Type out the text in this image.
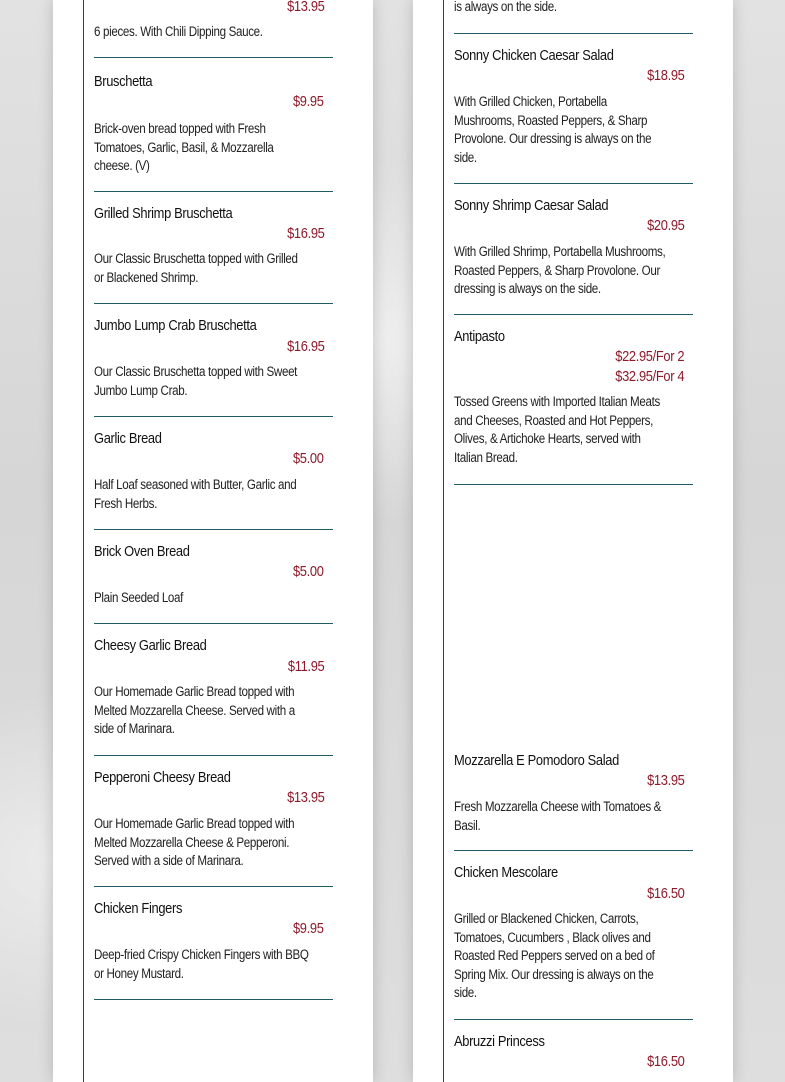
$13.95
6 pieces. With Chili Dipping Sauce.
Bruschetta
$9.95
Brick-oven bread topped with Fresh Tomatoes, Garlic, Basil, & Mozzarella cheese. (V)
Grilled Shrimp Bruschetta
$16.95
Our Classic Bruschetta topped with Grilled or Blackened Shrimp.
Jumbo Lump Crab Bruschetta
$16.95
Our Classic Bruschetta topped with Sweet Jumbo Lump Crab.
Garlic Bread
$5.00
Half Loaf seasoned with Butter, Garlic and Fresh Herbs.
Brick Oven Bread
$5.00
Plain Seeded Loaf
Cheesy Garlic Bread
$11.95
Our Homemade Garlic Bread topped with Melted Mozzarella Cheese. Served with a side of Marinara.
Pepperoni Cheesy Bread
$13.95
Our Homemade Garlic Bread topped with Melted Mozzarella Cheese & Pepperoni. Served with a side of Marinara.
Chicken Fingers
$9.95
Deep-fried Crispy Chicken Fingers with BBQ or Honey Mustard.
is always on the side.
Sonny Chicken Caesar Salad
$18.95
With Grilled Chicken, Portabella Mushrooms, Roasted Peppers, & Sharp Provolone. Our dressing is always on the side.
Sonny Shrimp Caesar Salad
$20.95
With Grilled Shrimp, Portabella Mushrooms, Roasted Peppers, & Sharp Provolone. Our dressing is always on the side.
Antipasto
$22.95/For 2
$32.95/For 4
Tossed Greens with Imported Italian Meats and Cheeses, Roasted and Hot Peppers, Olives, & Artichoke Hearts, served with Italian Bread.
Mozzarella E Pomodoro Salad
$13.95
Fresh Mozzarella Cheese with Tomatoes & Basil.
Chicken Mescolare
$16.50
Grilled or Blackened Chicken, Carrots, Tomatoes, Cucumbers , Black olives and Roasted Red Peppers served on a bed of Spring Mix. Our dressing is always on the side.
Abruzzi Princess
$16.50
